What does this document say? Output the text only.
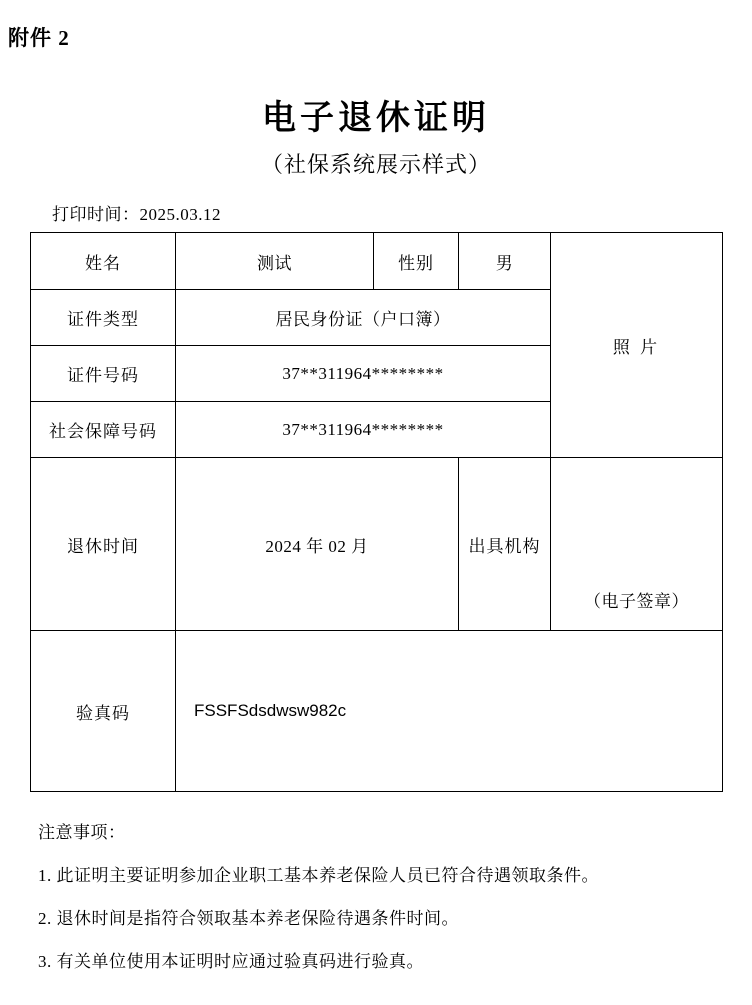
附件 2
电子退休证明
（社保系统展示样式）
打印时间：2025.03.12
姓名	测试	性别	男	照 片

证件类型	居民身份证（户口簿）			
证件号码	37**311964********			
社会保障号码	37**311964********			
退休时间	2024 年 02 月		出具机构	（电子签章）

验真码	FSSFSdsdwsw982c			
注意事项：
1. 此证明主要证明参加企业职工基本养老保险人员已符合待遇领取条件。
2. 退休时间是指符合领取基本养老保险待遇条件时间。
3. 有关单位使用本证明时应通过验真码进行验真。
